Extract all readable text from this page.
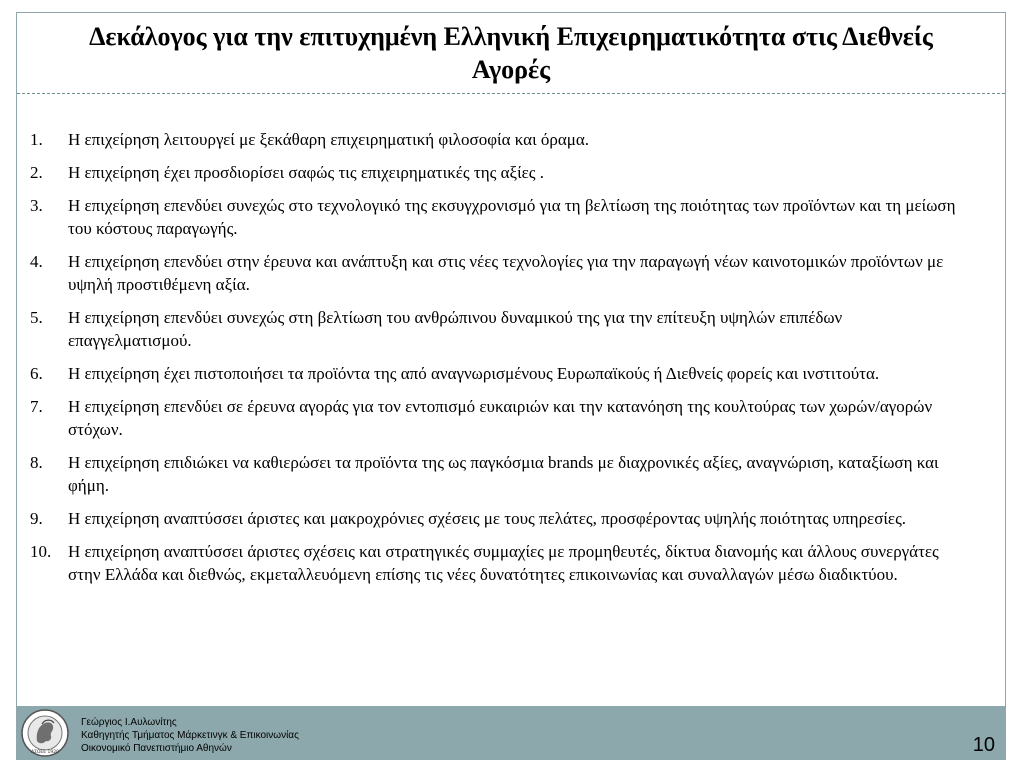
Δεκάλογος για την επιτυχημένη Ελληνική Επιχειρηματικότητα στις Διεθνείς Αγορές
1.	Η επιχείρηση λειτουργεί με ξεκάθαρη επιχειρηματική φιλοσοφία και όραμα.
2.	Η επιχείρηση έχει προσδιορίσει σαφώς τις επιχειρηματικές της αξίες .
3.	Η επιχείρηση επενδύει συνεχώς στο τεχνολογικό της εκσυγχρονισμό για τη βελτίωση της ποιότητας των προϊόντων και τη μείωση του κόστους παραγωγής.
4.	Η επιχείρηση επενδύει στην έρευνα και ανάπτυξη και στις νέες τεχνολογίες για την παραγωγή νέων καινοτομικών προϊόντων με υψηλή προστιθέμενη αξία.
5.	Η επιχείρηση επενδύει συνεχώς στη βελτίωση του ανθρώπινου δυναμικού της για την επίτευξη υψηλών επιπέδων επαγγελματισμού.
6.	Η επιχείρηση έχει πιστοποιήσει τα προϊόντα της από αναγνωρισμένους Ευρωπαϊκούς ή Διεθνείς φορείς και ινστιτούτα.
7.	Η επιχείρηση επενδύει σε έρευνα αγοράς για τον εντοπισμό ευκαιριών και την κατανόηση της κουλτούρας των χωρών/αγορών στόχων.
8.	Η επιχείρηση επιδιώκει να καθιερώσει τα προϊόντα της ως παγκόσμια brands με διαχρονικές αξίες, αναγνώριση, καταξίωση και φήμη.
9.	Η επιχείρηση αναπτύσσει άριστες και μακροχρόνιες σχέσεις με τους πελάτες, προσφέροντας υψηλής ποιότητας υπηρεσίες.
10. Η επιχείρηση αναπτύσσει άριστες σχέσεις και στρατηγικές συμμαχίες με προμηθευτές, δίκτυα διανομής και άλλους συνεργάτες στην Ελλάδα και διεθνώς, εκμεταλλευόμενη επίσης τις νέες δυνατότητες επικοινωνίας και συναλλαγών μέσω διαδικτύου.
ΑΣΟΕΕ 1920
Γεώργιος Ι.Αυλωνίτης
Καθηγητής Τμήματος Μάρκετινγκ & Επικοινωνίας
Οικονομικό Πανεπιστήμιο Αθηνών	10
